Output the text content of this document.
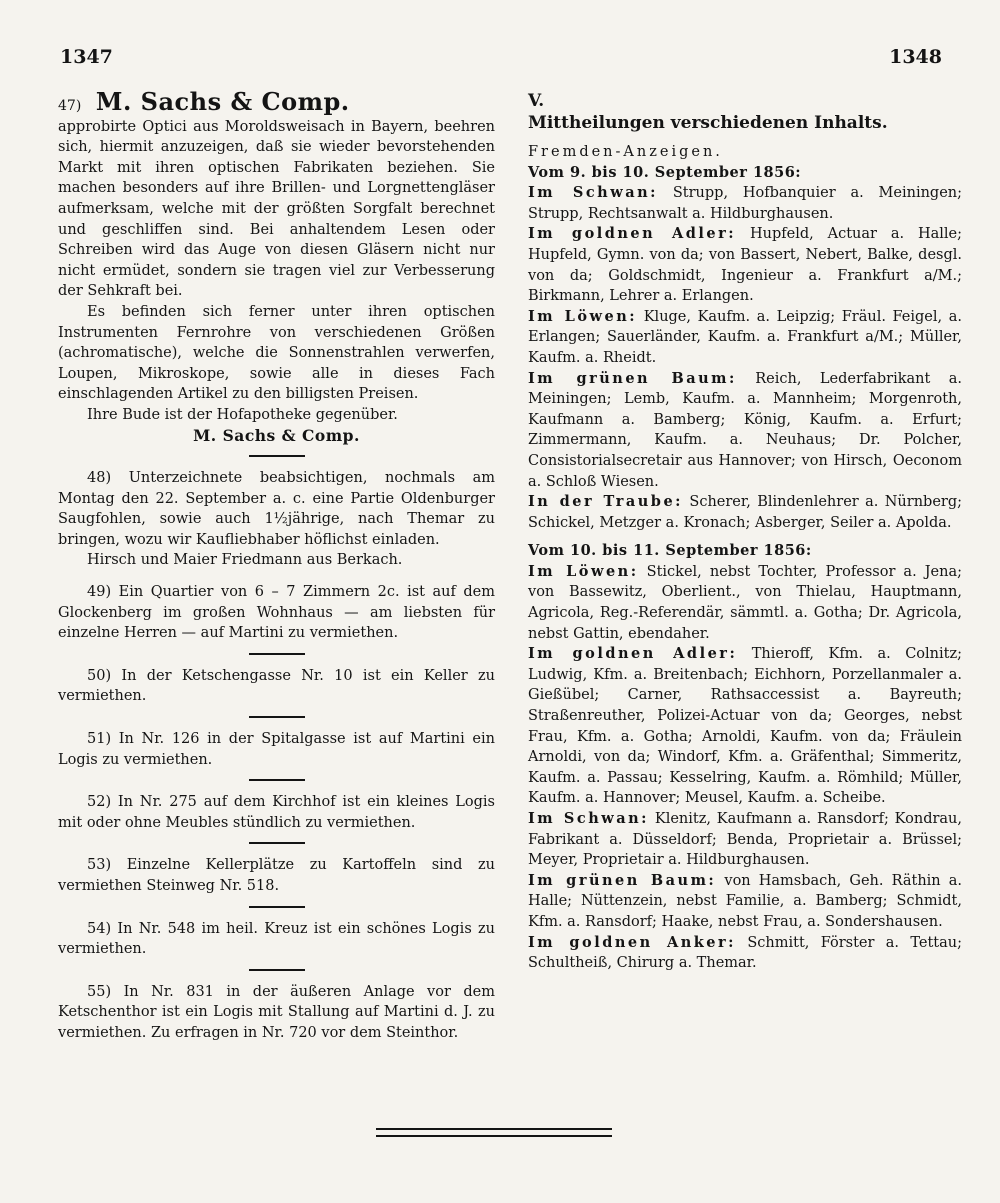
1347	1348

47) M. Sachs & Comp.

approbirte Optici aus Moroldsweisach in Bayern, beehren sich, hiermit anzuzeigen, daß sie wieder bevorstehenden Markt mit ihren optischen Fabrikaten beziehen. Sie machen besonders auf ihre Brillen- und Lorgnettengläser aufmerksam, welche mit der größten Sorgfalt berechnet und geschliffen sind. Bei anhaltendem Lesen oder Schreiben wird das Auge von diesen Gläsern nicht nur nicht ermüdet, sondern sie tragen viel zur Verbesserung der Sehkraft bei.

Es befinden sich ferner unter ihren optischen Instrumenten Fernrohre von verschiedenen Größen (achromatische), welche die Sonnenstrahlen verwerfen, Loupen, Mikroskope, sowie alle in dieses Fach einschlagenden Artikel zu den billigsten Preisen.

Ihre Bude ist der Hofapotheke gegenüber.

M. Sachs & Comp.

48) Unterzeichnete beabsichtigen, nochmals am Montag den 22. September a. c. eine Partie Oldenburger Saugfohlen, sowie auch 1½jährige, nach Themar zu bringen, wozu wir Kaufliebhaber höflichst einladen.

Hirsch und Maier Friedmann aus Berkach.

49) Ein Quartier von 6 – 7 Zimmern 2c. ist auf dem Glockenberg im großen Wohnhaus — am liebsten für einzelne Herren — auf Martini zu vermiethen.

50) In der Ketschengasse Nr. 10 ist ein Keller zu vermiethen.

51) In Nr. 126 in der Spitalgasse ist auf Martini ein Logis zu vermiethen.

52) In Nr. 275 auf dem Kirchhof ist ein kleines Logis mit oder ohne Meubles stündlich zu vermiethen.

53) Einzelne Kellerplätze zu Kartoffeln sind zu vermiethen Steinweg Nr. 518.

54) In Nr. 548 im heil. Kreuz ist ein schönes Logis zu vermiethen.

55) In Nr. 831 in der äußeren Anlage vor dem Ketschenthor ist ein Logis mit Stallung auf Martini d. J. zu vermiethen. Zu erfragen in Nr. 720 vor dem Steinthor.

V.

Mittheilungen verschiedenen Inhalts.

Fremden-Anzeigen.

Vom 9. bis 10. September 1856:

Im Schwan: Strupp, Hofbanquier a. Meiningen; Strupp, Rechtsanwalt a. Hildburghausen.

Im goldnen Adler: Hupfeld, Actuar a. Halle; Hupfeld, Gymn. von da; von Bassert, Nebert, Balke, desgl. von da; Goldschmidt, Ingenieur a. Frankfurt a/M.; Birkmann, Lehrer a. Erlangen.

Im Löwen: Kluge, Kaufm. a. Leipzig; Fräul. Feigel, a. Erlangen; Sauerländer, Kaufm. a. Frankfurt a/M.; Müller, Kaufm. a. Rheidt.

Im grünen Baum: Reich, Lederfabrikant a. Meiningen; Lemb, Kaufm. a. Mannheim; Morgenroth, Kaufmann a. Bamberg; König, Kaufm. a. Erfurt; Zimmermann, Kaufm. a. Neuhaus; Dr. Polcher, Consistorialsecretair aus Hannover; von Hirsch, Oeconom a. Schloß Wiesen.

In der Traube: Scherer, Blindenlehrer a. Nürnberg; Schickel, Metzger a. Kronach; Asberger, Seiler a. Apolda.

Vom 10. bis 11. September 1856:

Im Löwen: Stickel, nebst Tochter, Professor a. Jena; von Bassewitz, Oberlient., von Thielau, Hauptmann, Agricola, Reg.-Referendär, sämmtl. a. Gotha; Dr. Agricola, nebst Gattin, ebendaher.

Im goldnen Adler: Thieroff, Kfm. a. Colnitz; Ludwig, Kfm. a. Breitenbach; Eichhorn, Porzellanmaler a. Gießübel; Carner, Rathsaccessist a. Bayreuth; Straßenreuther, Polizei-Actuar von da; Georges, nebst Frau, Kfm. a. Gotha; Arnoldi, Kaufm. von da; Fräulein Arnoldi, von da; Windorf, Kfm. a. Gräfenthal; Simmeritz, Kaufm. a. Passau; Kesselring, Kaufm. a. Römhild; Müller, Kaufm. a. Hannover; Meusel, Kaufm. a. Scheibe.

Im Schwan: Klenitz, Kaufmann a. Ransdorf; Kondrau, Fabrikant a. Düsseldorf; Benda, Proprietair a. Brüssel; Meyer, Proprietair a. Hildburghausen.

Im grünen Baum: von Hamsbach, Geh. Räthin a. Halle; Nüttenzein, nebst Familie, a. Bamberg; Schmidt, Kfm. a. Ransdorf; Haake, nebst Frau, a. Sondershausen.

Im goldnen Anker: Schmitt, Förster a. Tettau; Schultheiß, Chirurg a. Themar.
